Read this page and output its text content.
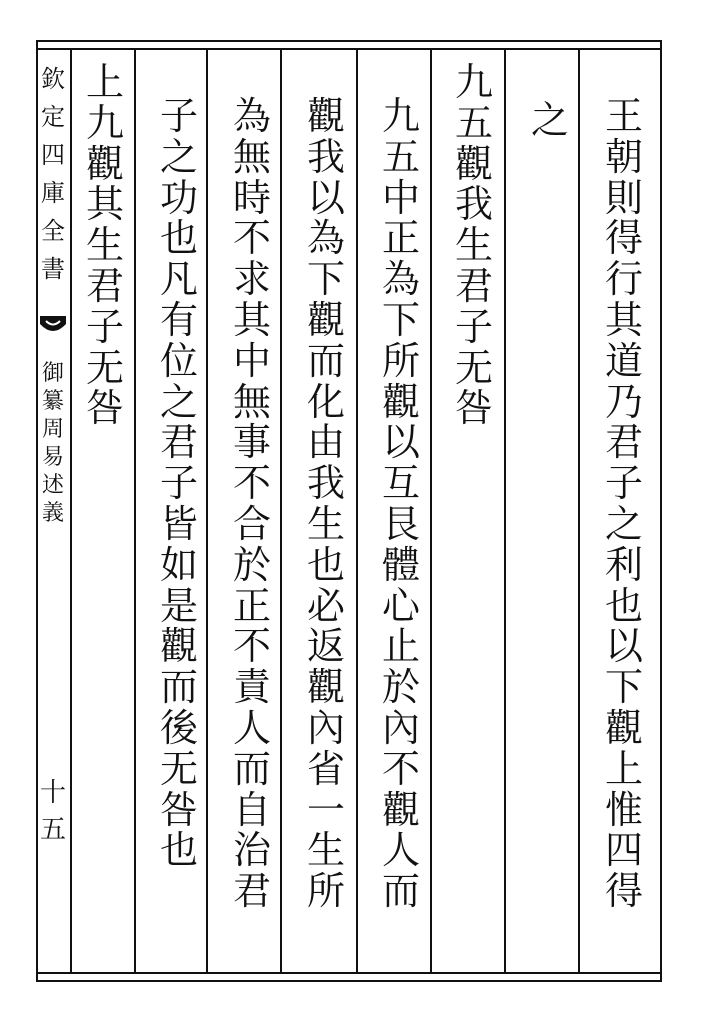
欽
定
四
庫
全
書
御
纂
周
易
述
義
十五
王
朝
則
得
行
其
道
乃
君
子
之
利
也
以
下
觀
上
惟
四
得
之
九
五
觀
我
生
君
子
无
咎
九
五
中
正
為
下
所
觀
以
互
艮
體
心
止
於
內
不
觀
人
而
觀
我
以
為
下
觀
而
化
由
我
生
也
必
返
觀
內
省
一
生
所
為
無
時
不
求
其
中
無
事
不
合
於
正
不
責
人
而
自
治
君
子
之
功
也
凡
有
位
之
君
子
皆
如
是
觀
而
後
无
咎
也
上
九
觀
其
生
君
子
无
咎
